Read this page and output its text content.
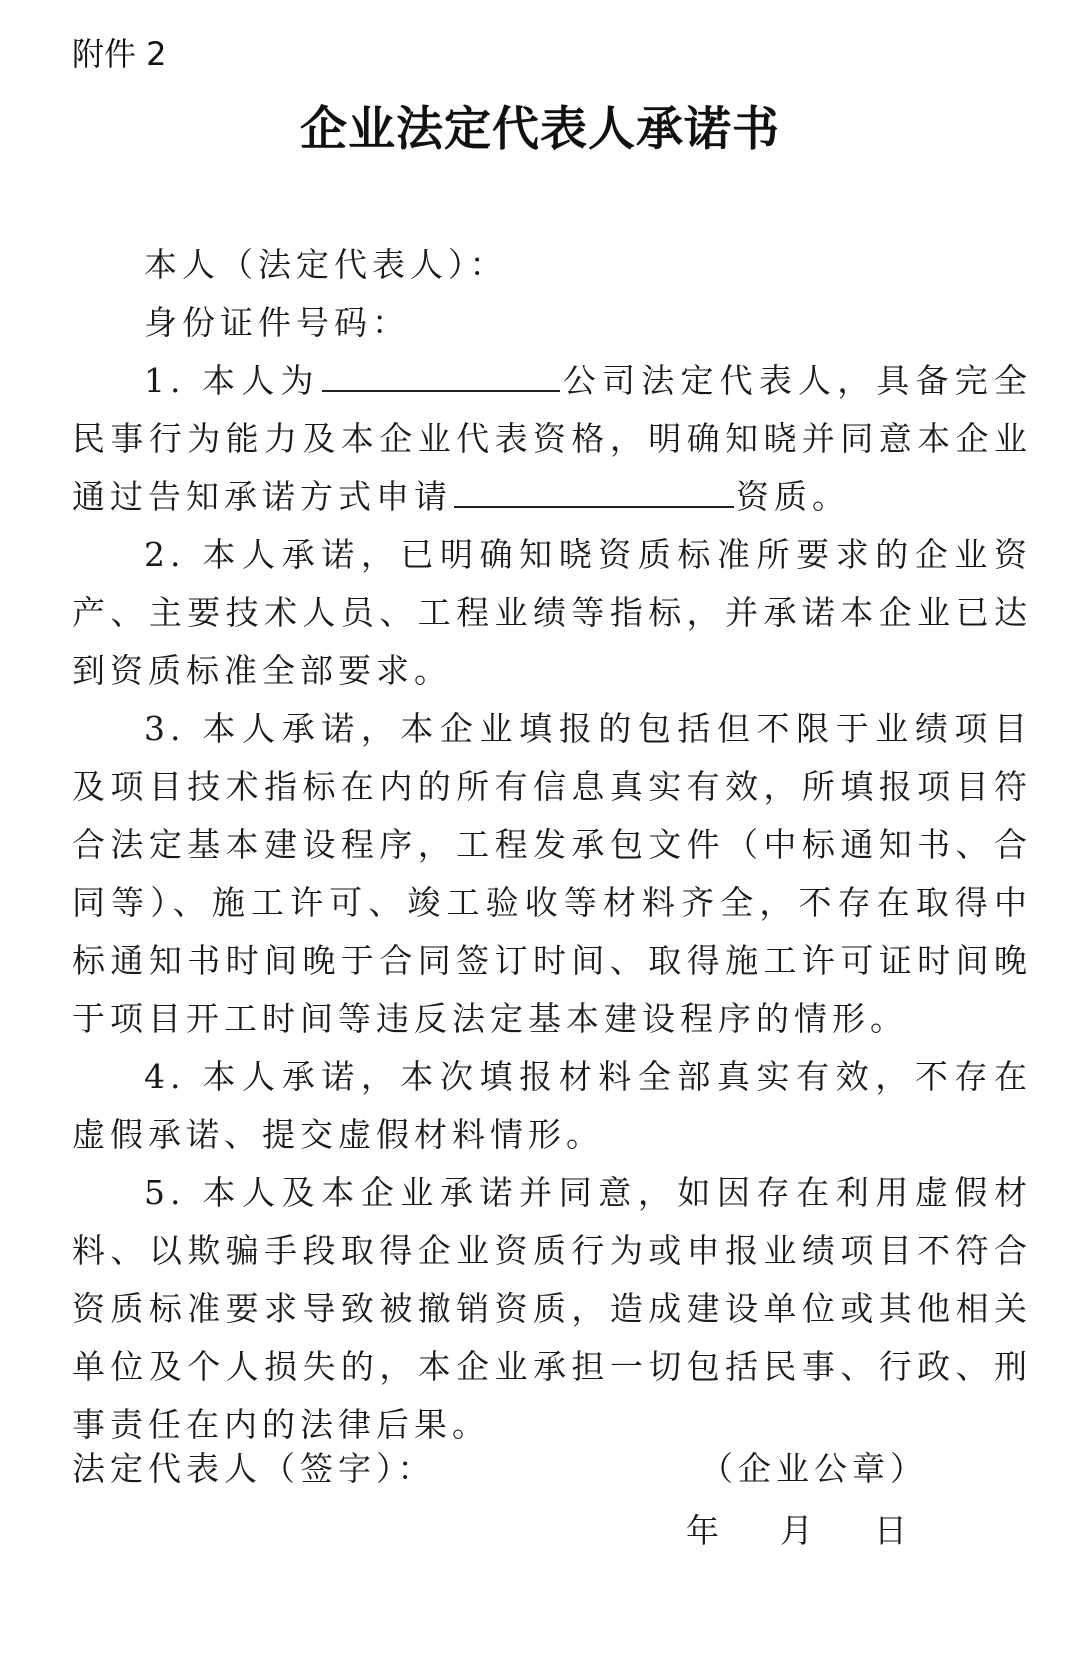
附件 2
企业法定代表人承诺书

本人（法定代表人）：

身份证件号码：

1. 本人为	公司法定代表人，具备完全民事行为能力及本企业代表资格，明确知晓并同意本企业通过告知承诺方式申请	资质。

2. 本人承诺，已明确知晓资质标准所要求的企业资产、主要技术人员、工程业绩等指标，并承诺本企业已达到资质标准全部要求。

3. 本人承诺，本企业填报的包括但不限于业绩项目及项目技术指标在内的所有信息真实有效，所填报项目符合法定基本建设程序，工程发承包文件（中标通知书、合同等）、施工许可、竣工验收等材料齐全，不存在取得中标通知书时间晚于合同签订时间、取得施工许可证时间晚于项目开工时间等违反法定基本建设程序的情形。

4. 本人承诺，本次填报材料全部真实有效，不存在虚假承诺、提交虚假材料情形。

5. 本人及本企业承诺并同意，如因存在利用虚假材料、以欺骗手段取得企业资质行为或申报业绩项目不符合资质标准要求导致被撤销资质，造成建设单位或其他相关单位及个人损失的，本企业承担一切包括民事、行政、刑事责任在内的法律后果。

法定代表人（签字）：	（企业公章）
年 月 日
